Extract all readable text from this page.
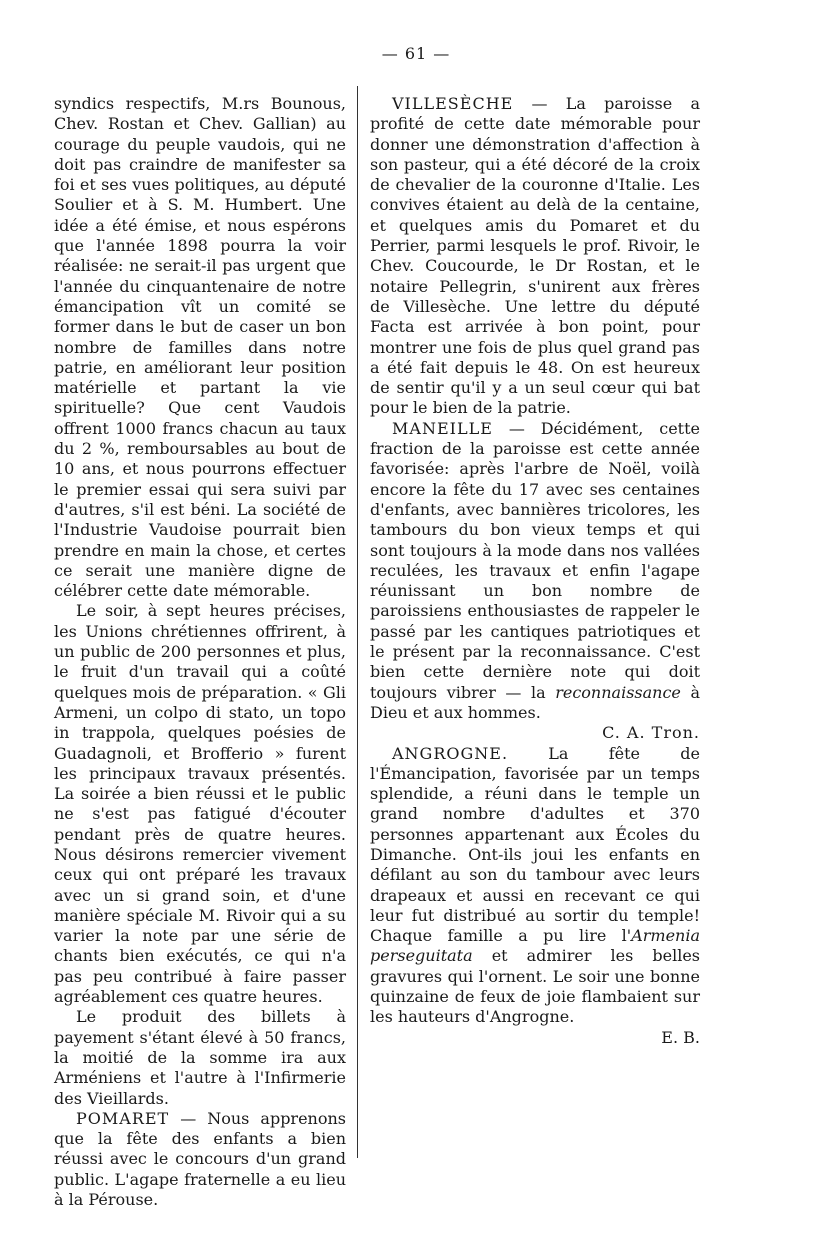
— 61 —

syndics respectifs, M.rs Bounous, Chev. Rostan et Chev. Gallian) au courage du peuple vaudois, qui ne doit pas craindre de manifester sa foi et ses vues politiques, au député Soulier et à S. M. Humbert. Une idée a été émise, et nous espérons que l'année 1898 pourra la voir réalisée: ne serait-il pas urgent que l'année du cinquantenaire de notre émancipation vît un comité se former dans le but de caser un bon nombre de familles dans notre patrie, en améliorant leur position matérielle et partant la vie spirituelle? Que cent Vaudois offrent 1000 francs chacun au taux du 2 %, remboursables au bout de 10 ans, et nous pourrons effectuer le premier essai qui sera suivi par d'autres, s'il est béni. La société de l'Industrie Vaudoise pourrait bien prendre en main la chose, et certes ce serait une manière digne de célébrer cette date mémorable.

Le soir, à sept heures précises, les Unions chrétiennes offrirent, à un public de 200 personnes et plus, le fruit d'un travail qui a coûté quelques mois de préparation. « Gli Armeni, un colpo di stato, un topo in trappola, quelques poésies de Guadagnoli, et Brofferio » furent les principaux travaux présentés. La soirée a bien réussi et le public ne s'est pas fatigué d'écouter pendant près de quatre heures. Nous désirons remercier vivement ceux qui ont préparé les travaux avec un si grand soin, et d'une manière spéciale M. Rivoir qui a su varier la note par une série de chants bien exécutés, ce qui n'a pas peu contribué à faire passer agréablement ces quatre heures.

Le produit des billets à payement s'étant élevé à 50 francs, la moitié de la somme ira aux Arméniens et l'autre à l'Infirmerie des Vieillards.

POMARET — Nous apprenons que la fête des enfants a bien réussi avec le concours d'un grand public. L'agape fraternelle a eu lieu à la Pérouse.

VILLESÈCHE — La paroisse a profité de cette date mémorable pour donner une démonstration d'affection à son pasteur, qui a été décoré de la croix de chevalier de la couronne d'Italie. Les convives étaient au delà de la centaine, et quelques amis du Pomaret et du Perrier, parmi lesquels le prof. Rivoir, le Chev. Coucourde, le Dr Rostan, et le notaire Pellegrin, s'unirent aux frères de Villesèche. Une lettre du député Facta est arrivée à bon point, pour montrer une fois de plus quel grand pas a été fait depuis le 48. On est heureux de sentir qu'il y a un seul cœur qui bat pour le bien de la patrie.

MANEILLE — Décidément, cette fraction de la paroisse est cette année favorisée: après l'arbre de Noël, voilà encore la fête du 17 avec ses centaines d'enfants, avec bannières tricolores, les tambours du bon vieux temps et qui sont toujours à la mode dans nos vallées reculées, les travaux et enfin l'agape réunissant un bon nombre de paroissiens enthousiastes de rappeler le passé par les cantiques patriotiques et le présent par la reconnaissance. C'est bien cette dernière note qui doit toujours vibrer — la reconnaissance à Dieu et aux hommes.

C. A. Tron.

ANGROGNE. La fête de l'Émancipation, favorisée par un temps splendide, a réuni dans le temple un grand nombre d'adultes et 370 personnes appartenant aux Écoles du Dimanche. Ont-ils joui les enfants en défilant au son du tambour avec leurs drapeaux et aussi en recevant ce qui leur fut distribué au sortir du temple! Chaque famille a pu lire l'Armenia perseguitata et admirer les belles gravures qui l'ornent. Le soir une bonne quinzaine de feux de joie flambaient sur les hauteurs d'Angrogne.

E. B.
